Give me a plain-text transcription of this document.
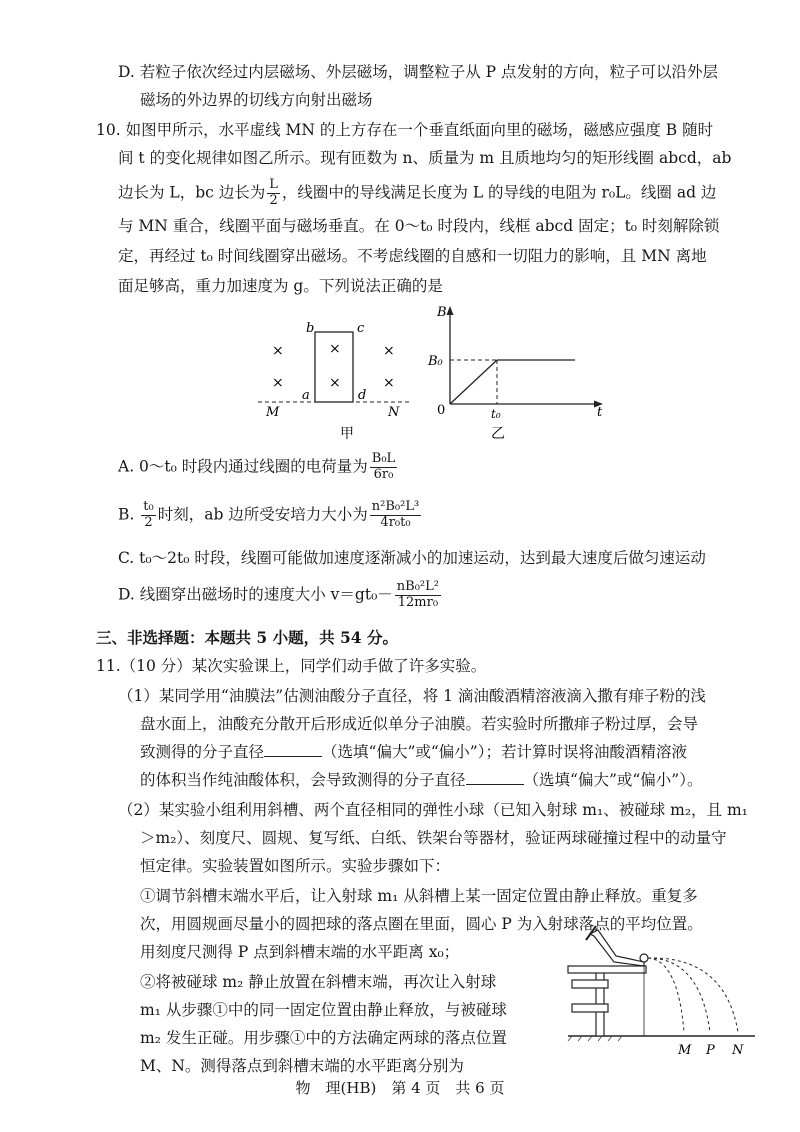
D. 若粒子依次经过内层磁场、外层磁场，调整粒子从 P 点发射的方向，粒子可以沿外层
磁场的外边界的切线方向射出磁场
10. 如图甲所示，水平虚线 MN 的上方存在一个垂直纸面向里的磁场，磁感应强度 B 随时
间 t 的变化规律如图乙所示。现有匝数为 n、质量为 m 且质地均匀的矩形线圈 abcd，ab
边长为 L，bc 边长为 $\frac{L}{2}$ ，线圈中的导线满足长度为 L 的导线的电阻为 r₀L。线圈 ad 边
与 MN 重合，线圈平面与磁场垂直。在 0～t₀ 时段内，线框 abcd 固定；t₀ 时刻解除锁
定，再经过 t₀ 时间线圈穿出磁场。不考虑线圈的自感和一切阻力的影响，且 MN 离地
面足够高，重力加速度为 g。下列说法正确的是
b	c
a	d
M	N
×	×	×
×	×	×
甲
B
B₀
0	t₀	t
乙
A. 0～t₀ 时段内通过线圈的电荷量为 $\frac{\text{B₀L}}{\text{6r₀}}$
B. $\frac{\text{t₀}}{2}$ 时刻，ab 边所受安培力大小为 $\frac{\text{n²B₀²L³}}{\text{4r₀t₀}}$
C. t₀～2t₀ 时段，线圈可能做加速度逐渐减小的加速运动，达到最大速度后做匀速运动
D. 线圈穿出磁场时的速度大小 $v=gt_0- \frac{\text{nB₀²L²}}{\text{12mr₀}}$
三、非选择题：本题共 5 小题，共 54 分。
11.（10 分）某次实验课上，同学们动手做了许多实验。
（1）某同学用“油膜法”估测油酸分子直径，将 1 滴油酸酒精溶液滴入撒有痱子粉的浅
盘水面上，油酸充分散开后形成近似单分子油膜。若实验时所撒痱子粉过厚，会导
致测得的分子直径	（选填“偏大”或“偏小”）；若计算时误将油酸酒精溶液
的体积当作纯油酸体积，会导致测得的分子直径	（选填“偏大”或“偏小”）。
（2）某实验小组利用斜槽、两个直径相同的弹性小球（已知入射球 m₁、被碰球 m₂，且 m₁
＞m₂）、刻度尺、圆规、复写纸、白纸、铁架台等器材，验证两球碰撞过程中的动量守
恒定律。实验装置如图所示。实验步骤如下：
①调节斜槽末端水平后，让入射球 m₁ 从斜槽上某一固定位置由静止释放。重复多
次，用圆规画尽量小的圆把球的落点圈在里面，圆心 P 为入射球落点的平均位置。
用刻度尺测得 P 点到斜槽末端的水平距离 x₀；
②将被碰球 m₂ 静止放置在斜槽末端，再次让入射球
m₁ 从步骤①中的同一固定位置由静止释放，与被碰球
m₂ 发生正碰。用步骤①中的方法确定两球的落点位置
M、N。测得落点到斜槽末端的水平距离分别为
M P N
物　理(HB)　第 4 页　共 6 页
